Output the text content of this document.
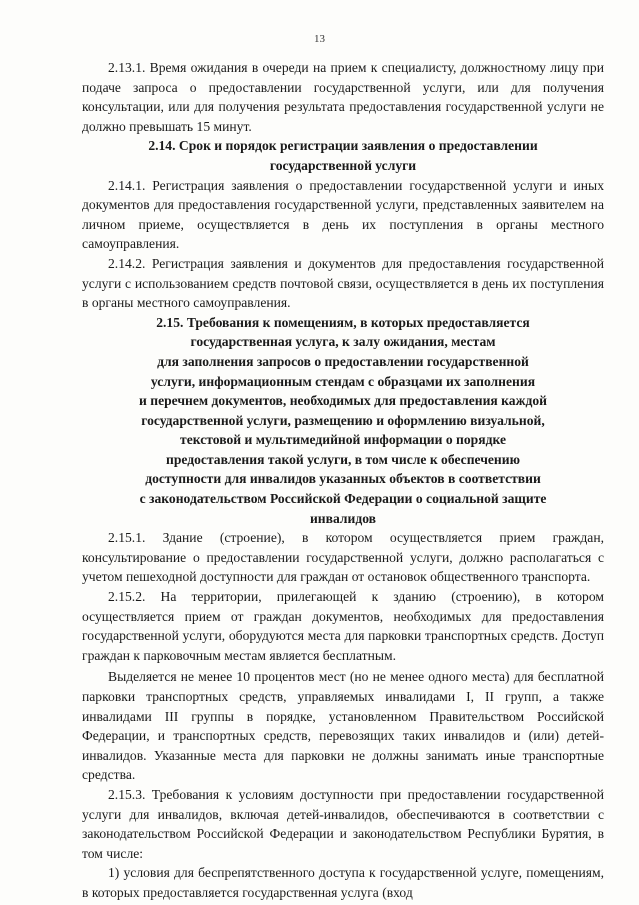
13

2.13.1. Время ожидания в очереди на прием к специалисту, должностному лицу при подаче запроса о предоставлении государственной услуги, или для получения консультации, или для получения результата предоставления государственной услуги не должно превышать 15 минут.

2.14. Срок и порядок регистрации заявления о предоставлении
государственной услуги

2.14.1. Регистрация заявления о предоставлении государственной услуги и иных документов для предоставления государственной услуги, представленных заявителем на личном приеме, осуществляется в день их поступления в органы местного самоуправления.

2.14.2. Регистрация заявления и документов для предоставления государственной услуги с использованием средств почтовой связи, осуществляется в день их поступления в органы местного самоуправления.

2.15. Требования к помещениям, в которых предоставляется
государственная услуга, к залу ожидания, местам
для заполнения запросов о предоставлении государственной
услуги, информационным стендам с образцами их заполнения
и перечнем документов, необходимых для предоставления каждой
государственной услуги, размещению и оформлению визуальной,
текстовой и мультимедийной информации о порядке
предоставления такой услуги, в том числе к обеспечению
доступности для инвалидов указанных объектов в соответствии
с законодательством Российской Федерации о социальной защите
инвалидов

2.15.1. Здание (строение), в котором осуществляется прием граждан, консультирование о предоставлении государственной услуги, должно располагаться с учетом пешеходной доступности для граждан от остановок общественного транспорта.

2.15.2. На территории, прилегающей к зданию (строению), в котором осуществляется прием от граждан документов, необходимых для предоставления государственной услуги, оборудуются места для парковки транспортных средств. Доступ граждан к парковочным местам является бесплатным.

Выделяется не менее 10 процентов мест (но не менее одного места) для бесплатной парковки транспортных средств, управляемых инвалидами I, II групп, а также инвалидами III группы в порядке, установленном Правительством Российской Федерации, и транспортных средств, перевозящих таких инвалидов и (или) детей-инвалидов. Указанные места для парковки не должны занимать иные транспортные средства.

2.15.3. Требования к условиям доступности при предоставлении государственной услуги для инвалидов, включая детей-инвалидов, обеспечиваются в соответствии с законодательством Российской Федерации и законодательством Республики Бурятия, в том числе:

1) условия для беспрепятственного доступа к государственной услуге, помещениям, в которых предоставляется государственная услуга (вход
